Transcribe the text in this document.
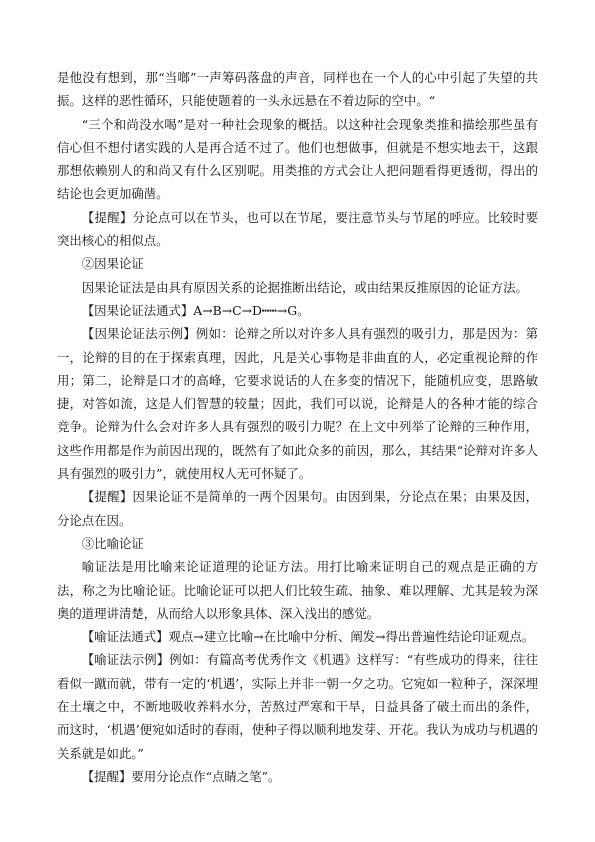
是他没有想到，那“当啷”一声筹码落盘的声音，同样也在一个人的心中引起了失望的共振。这样的恶性循环，只能使题着的一头永远悬在不着边际的空中。“

“三个和尚没水喝”是对一种社会现象的概括。以这种社会现象类推和描绘那些虽有信心但不想付诸实践的人是再合适不过了。他们也想做事，但就是不想实地去干，这跟那想依赖别人的和尚又有什么区别呢。用类推的方式会让人把问题看得更透彻，得出的结论也会更加确凿。

【提醒】分论点可以在节头，也可以在节尾，要注意节头与节尾的呼应。比较时要突出核心的相似点。

②因果论证

因果论证法是由具有原因关系的论据推断出结论，或由结果反推原因的论证方法。

【因果论证法通式】A→B→C→D┅┅→G。

【因果论证法示例】例如：论辩之所以对许多人具有强烈的吸引力，那是因为：第一，论辩的目的在于探索真理，因此，凡是关心事物是非曲直的人，必定重视论辩的作用；第二，论辩是口才的高峰，它要求说话的人在多变的情况下，能随机应变，思路敏捷，对答如流，这是人们智慧的较量；因此，我们可以说，论辩是人的各种才能的综合竞争。论辩为什么会对许多人具有强烈的吸引力呢？在上文中列举了论辩的三种作用，这些作用都是作为前因出现的，既然有了如此众多的前因，那么，其结果“论辩对许多人具有强烈的吸引力”，就使用权人无可怀疑了。

【提醒】因果论证不是简单的一两个因果句。由因到果，分论点在果；由果及因，分论点在因。

③比喻论证

喻证法是用比喻来论证道理的论证方法。用打比喻来证明自己的观点是正确的方法，称之为比喻论证。比喻论证可以把人们比较生疏、抽象、难以理解、尤其是较为深奥的道理讲清楚，从而给人以形象具体、深入浅出的感觉。

【喻证法通式】观点→建立比喻→在比喻中分析、阐发→得出普遍性结论印证观点。

【喻证法示例】例如：有篇高考优秀作文《机遇》这样写：“有些成功的得来，往往看似一蹴而就，带有一定的‘机遇’，实际上并非一朝一夕之功。它宛如一粒种子，深深埋在土壤之中，不断地吸收养料水分，苦熬过严寒和干旱，日益具备了破土而出的条件，而这时，‘机遇’便宛如适时的春雨，使种子得以顺利地发芽、开花。我认为成功与机遇的关系就是如此。”

【提醒】要用分论点作“点睛之笔”。
